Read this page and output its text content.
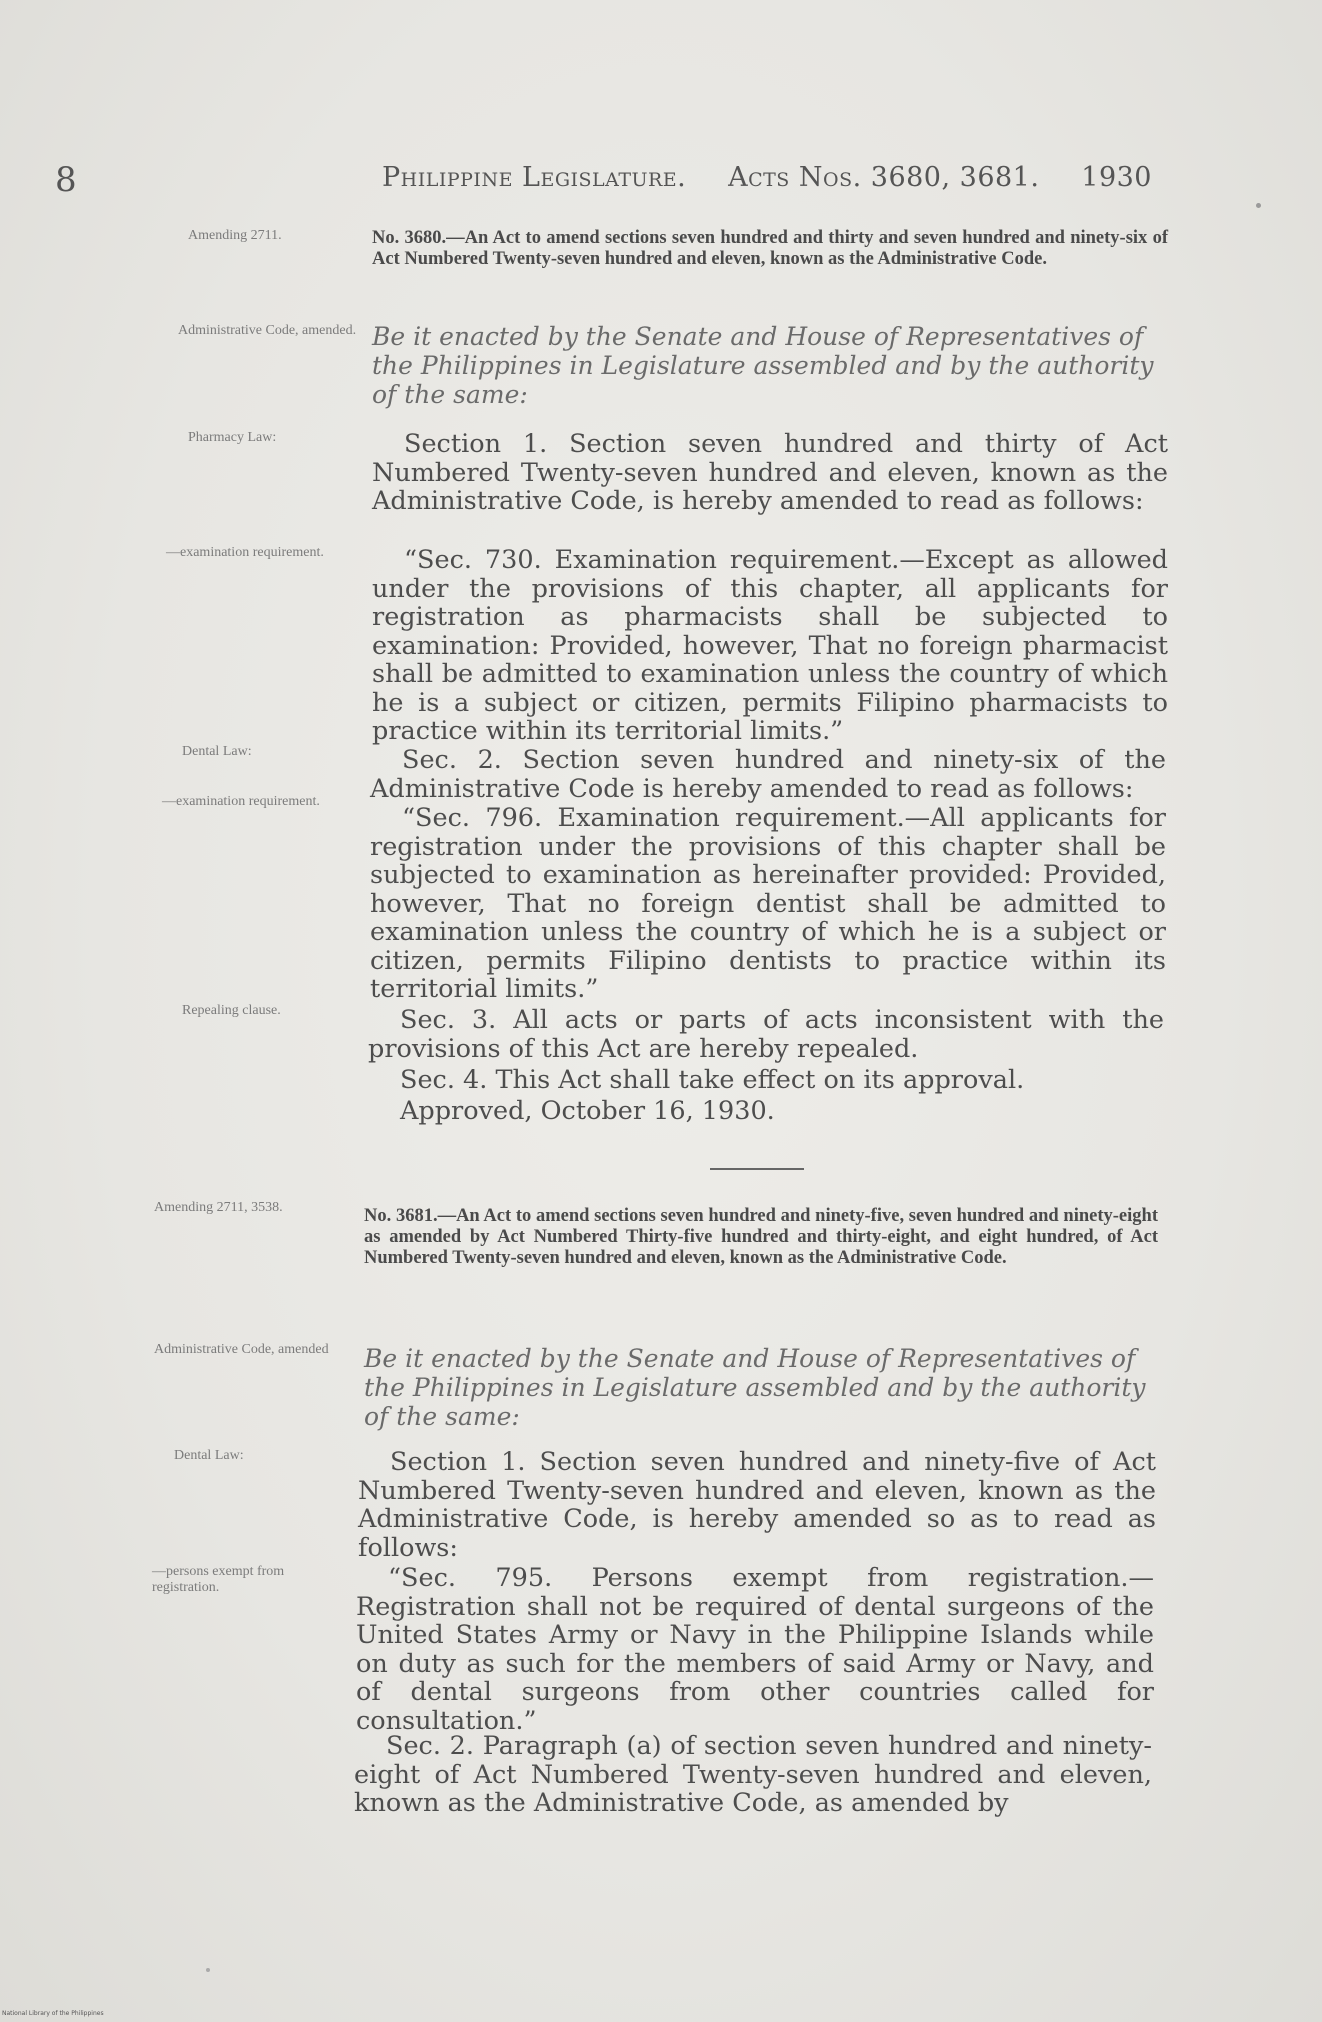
8	Philippine Legislature. Acts Nos. 3680, 3681. 1930
Amending 2711.	No. 3680.—An Act to amend sections seven hundred and thirty and seven hundred and ninety-six of Act Numbered Twenty-seven hundred and eleven, known as the Administrative Code.
Administrative Code, amended. Be it enacted by the Senate and House of Representatives of the Philippines in Legislature assembled and by the authority of the same:
Pharmacy Law:	Section 1. Section seven hundred and thirty of Act Numbered Twenty-seven hundred and eleven, known as the Administrative Code, is hereby amended to read as follows:
—examination requirement.	“Sec. 730. Examination requirement.—Except as allowed under the provisions of this chapter, all applicants for registration as pharmacists shall be subjected to examination: Provided, however, That no foreign pharmacist shall be admitted to examination unless the country of which he is a subject or citizen, permits Filipino pharmacists to practice within its territorial limits.”
Dental Law:	Sec. 2. Section seven hundred and ninety-six of the Administrative Code is hereby amended to read as follows:
—examination requirement.
“Sec. 796. Examination requirement.—All applicants for registration under the provisions of this chapter shall be subjected to examination as hereinafter provided: Provided, however, That no foreign dentist shall be admitted to examination unless the country of which he is a subject or citizen, permits Filipino dentists to practice within its territorial limits.”
Repealing clause.	Sec. 3. All acts or parts of acts inconsistent with the provisions of this Act are hereby repealed.
Sec. 4. This Act shall take effect on its approval.
Approved, October 16, 1930.
Amending 2711, 3538.	No. 3681.—An Act to amend sections seven hundred and ninety-five, seven hundred and ninety-eight as amended by Act Numbered Thirty-five hundred and thirty-eight, and eight hundred, of Act Numbered Twenty-seven hundred and eleven, known as the Administrative Code.
Administrative Code, amended	Be it enacted by the Senate and House of Representatives of the Philippines in Legislature assembled and by the authority of the same:
Dental Law:	Section 1. Section seven hundred and ninety-five of Act Numbered Twenty-seven hundred and eleven, known as the Administrative Code, is hereby amended so as to read as follows:
—persons exempt from registration.	“Sec. 795. Persons exempt from registration.—Registration shall not be required of dental surgeons of the United States Army or Navy in the Philippine Islands while on duty as such for the members of said Army or Navy, and of dental surgeons from other countries called for consultation.”
Sec. 2. Paragraph (a) of section seven hundred and ninety-eight of Act Numbered Twenty-seven hundred and eleven, known as the Administrative Code, as amended by
National Library of the Philippines
